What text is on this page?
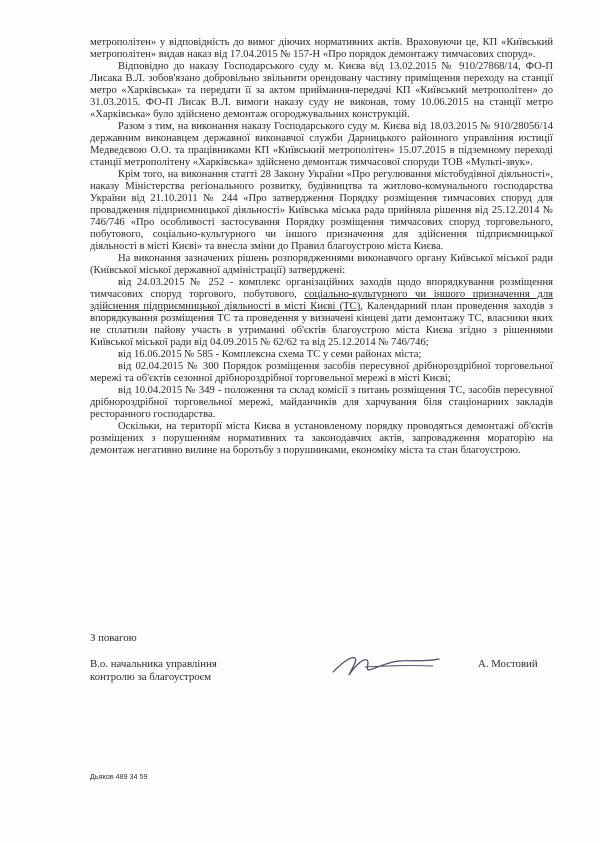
метрополітен» у відповідність до вимог діючих нормативних актів. Враховуючи це, КП «Київський метрополітен» видав наказ від 17.04.2015 № 157-Н «Про порядок демонтажу тимчасових споруд».

Відповідно до наказу Господарського суду м. Києва від 13.02.2015 № 910/27868/14, ФО-П Лисака В.Л. зобов'язано добровільно звільнити орендовану частину приміщення переходу на станції метро «Харківська» та передати її за актом приймання-передачі КП «Київський метрополітен» до 31.03.2015. ФО-П Лисак В.Л. вимоги наказу суду не виконав, тому 10.06.2015 на станції метро «Харківська» було здійснено демонтаж огороджувальних конструкцій.

Разом з тим, на виконання наказу Господарського суду м. Києва від 18.03.2015 № 910/28056/14 державним виконавцем державної виконавчої служби Дарницького районного управління юстиції Медведєвою О.О. та працівниками КП «Київський метрополітен» 15.07.2015 в підземному переході станції метрополітену «Харківська» здійснено демонтаж тимчасової споруди ТОВ «Мульті-звук».

Крім того, на виконання статті 28 Закону України «Про регулювання містобудівної діяльності», наказу Міністерства регіонального розвитку, будівництва та житлово-комунального господарства України від 21.10.2011 № 244 «Про затвердження Порядку розміщення тимчасових споруд для провадження підприємницької діяльності» Київська міська рада прийняла рішення від 25.12.2014 № 746/746 «Про особливості застосування Порядку розміщення тимчасових споруд торговельного, побутового, соціально-культурного чи іншого призначення для здійснення підприємницької діяльності в місті Києві» та внесла зміни до Правил благоустрою міста Києва.

На виконання зазначених рішень розпорядженнями виконавчого органу Київської міської ради (Київської міської державної адміністрації) затверджені:

від 24.03.2015 № 252 - комплекс організаційних заходів щодо впорядкування розміщення тимчасових споруд торгового, побутового, соціально-культурного чи іншого призначення для здійснення підприємницької діяльності в місті Києві (ТС), Календарний план проведення заходів з впорядкування розміщення ТС та проведення у визначені кінцеві дати демонтажу ТС, власники яких не сплатили пайову участь в утриманні об'єктів благоустрою міста Києва згідно з рішеннями Київської міської ради від 04.09.2015 № 62/62 та від 25.12.2014 № 746/746;

від 16.06.2015 № 585 - Комплексна схема ТС у семи районах міста;

від 02.04.2015 № 300 Порядок розміщення засобів пересувної дрібнороздрібної торговельної мережі та об'єктів сезонної дрібнороздрібної торговельної мережі в місті Києві;

від 10.04.2015 № 349 - положення та склад комісії з питань розміщення ТС, засобів пересувної дрібнороздрібної торговельної мережі, майданчиків для харчування біля стаціонарних закладів ресторанного господарства.

Оскільки, на території міста Києва в установленому порядку проводяться демонтажі об'єктів розміщених з порушенням нормативних та законодавчих актів, запровадження мораторію на демонтаж негативно вилине на боротьбу з порушниками, економіку міста та стан благоустрою.

З повагою
В.о. начальника управління
контролю за благоустроєм
А. Мостовий
Дьяков 489 34 59
